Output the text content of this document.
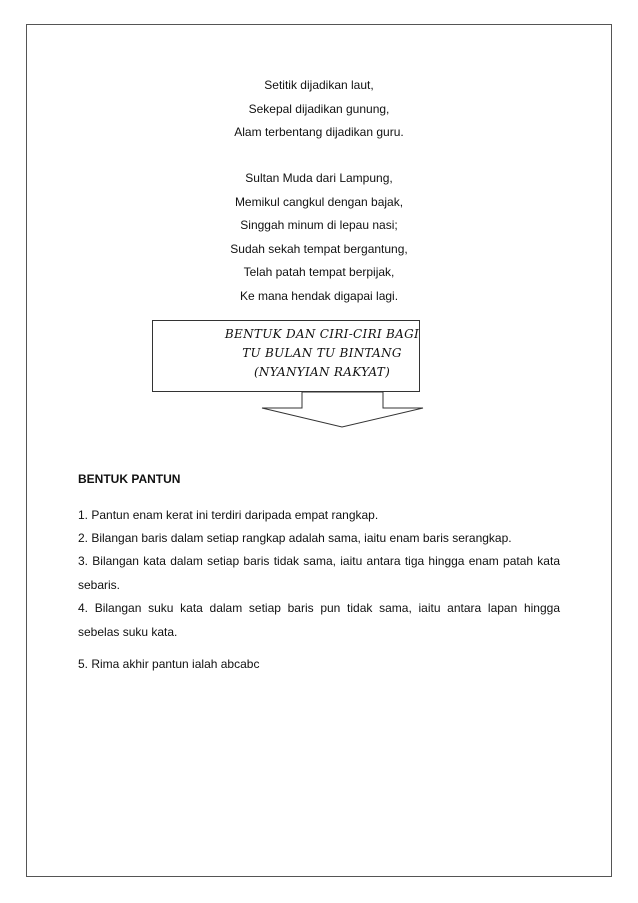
Setitik dijadikan laut,
Sekepal dijadikan gunung,
Alam terbentang dijadikan guru.
Sultan Muda dari Lampung,
Memikul cangkul dengan bajak,
Singgah minum di lepau nasi;
Sudah sekah tempat bergantung,
Telah patah tempat berpijak,
Ke mana hendak digapai lagi.
BENTUK DAN CIRI-CIRI BAGI
TU BULAN TU BINTANG
(NYANYIAN RAKYAT)
BENTUK PANTUN
1. Pantun enam kerat ini terdiri daripada empat rangkap.
2. Bilangan baris dalam setiap rangkap adalah sama, iaitu enam baris serangkap.
3. Bilangan kata dalam setiap baris tidak sama, iaitu antara tiga hingga enam patah kata sebaris.
4. Bilangan suku kata dalam setiap baris pun tidak sama, iaitu antara lapan hingga sebelas suku kata.
5. Rima akhir pantun ialah abcabc
